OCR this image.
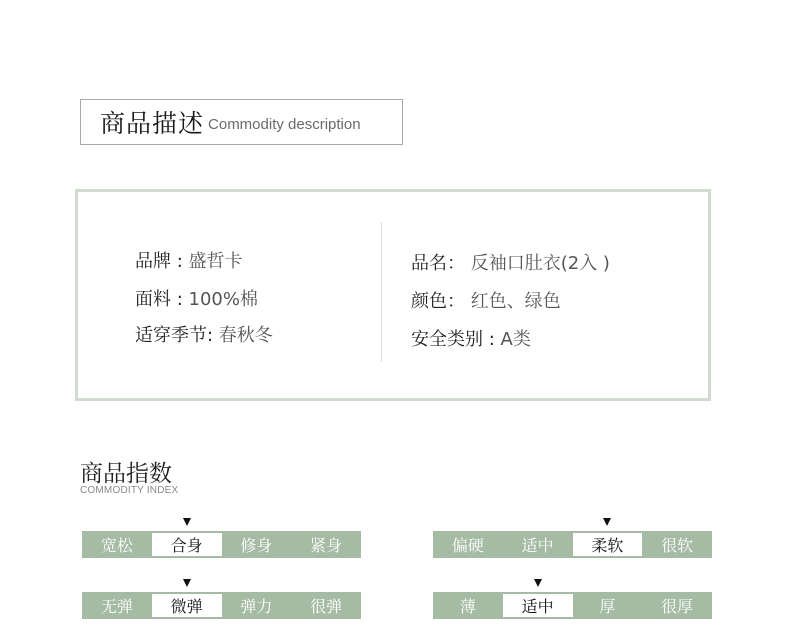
商品描述 Commodity description
品牌 : 盛哲卡
面料 : 100%棉
适穿季节: 春秋冬
品名： 反袖口肚衣(2入 )
颜色： 红色、绿色
安全类别 : A类
商品指数
COMMODITY INDEX
宽松	合身	修身	紧身	偏硬	适中	柔软	很软
无弹	微弹	弹力	很弹	薄	适中	厚	很厚
